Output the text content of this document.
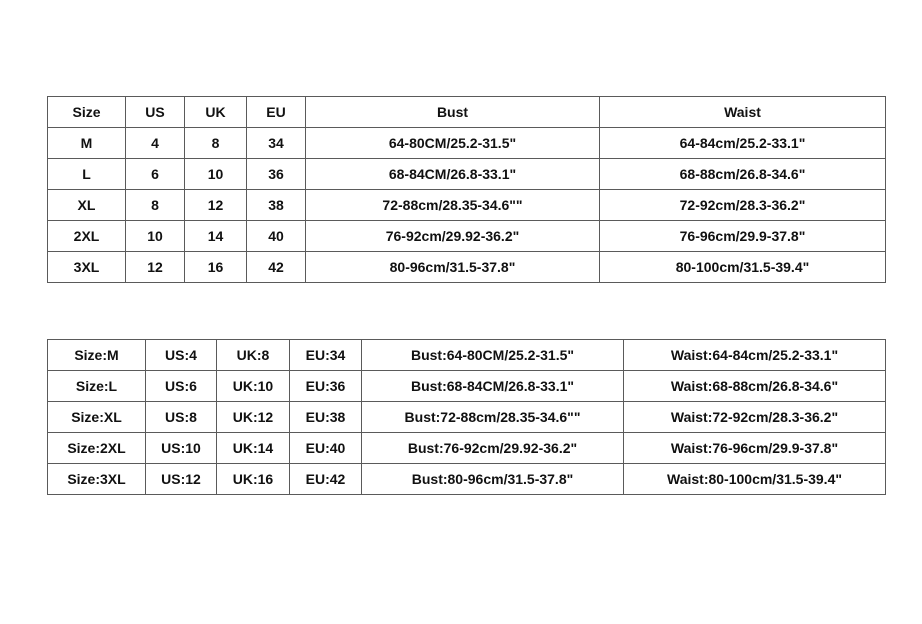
Size	US	UK	EU	Bust	Waist
M	4	8	34	64-80CM/25.2-31.5"	64-84cm/25.2-33.1"
L	6	10	36	68-84CM/26.8-33.1"	68-88cm/26.8-34.6"
XL	8	12	38	72-88cm/28.35-34.6""	72-92cm/28.3-36.2"
2XL	10	14	40	76-92cm/29.92-36.2"	76-96cm/29.9-37.8"
3XL	12	16	42	80-96cm/31.5-37.8"	80-100cm/31.5-39.4"
Size:M	US:4	UK:8	EU:34	Bust:64-80CM/25.2-31.5"	Waist:64-84cm/25.2-33.1"
Size:L	US:6	UK:10	EU:36	Bust:68-84CM/26.8-33.1"	Waist:68-88cm/26.8-34.6"
Size:XL	US:8	UK:12	EU:38	Bust:72-88cm/28.35-34.6""	Waist:72-92cm/28.3-36.2"
Size:2XL	US:10	UK:14	EU:40	Bust:76-92cm/29.92-36.2"	Waist:76-96cm/29.9-37.8"
Size:3XL	US:12	UK:16	EU:42	Bust:80-96cm/31.5-37.8"	Waist:80-100cm/31.5-39.4"
